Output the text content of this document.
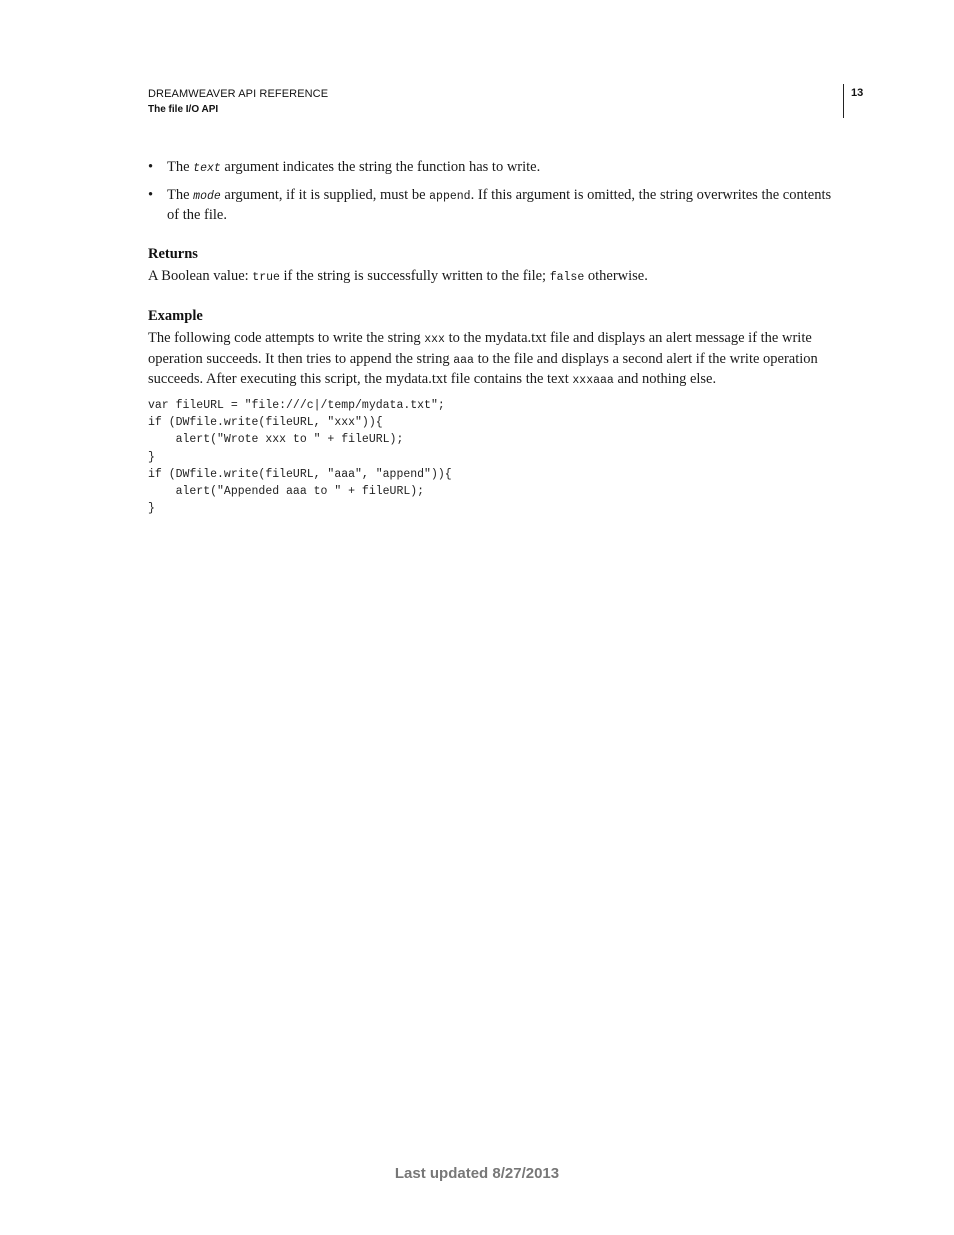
DREAMWEAVER API REFERENCE
The file I/O API
13
• The text argument indicates the string the function has to write.
• The mode argument, if it is supplied, must be append. If this argument is omitted, the string overwrites the contents of the file.
Returns
A Boolean value: true if the string is successfully written to the file; false otherwise.
Example
The following code attempts to write the string xxx to the mydata.txt file and displays an alert message if the write operation succeeds. It then tries to append the string aaa to the file and displays a second alert if the write operation succeeds. After executing this script, the mydata.txt file contains the text xxxaaa and nothing else.
var fileURL = "file:///c|/temp/mydata.txt";
if (DWfile.write(fileURL, "xxx")){
alert("Wrote xxx to " + fileURL);
}
if (DWfile.write(fileURL, "aaa", "append")){
alert("Appended aaa to " + fileURL);
}
Last updated 8/27/2013
